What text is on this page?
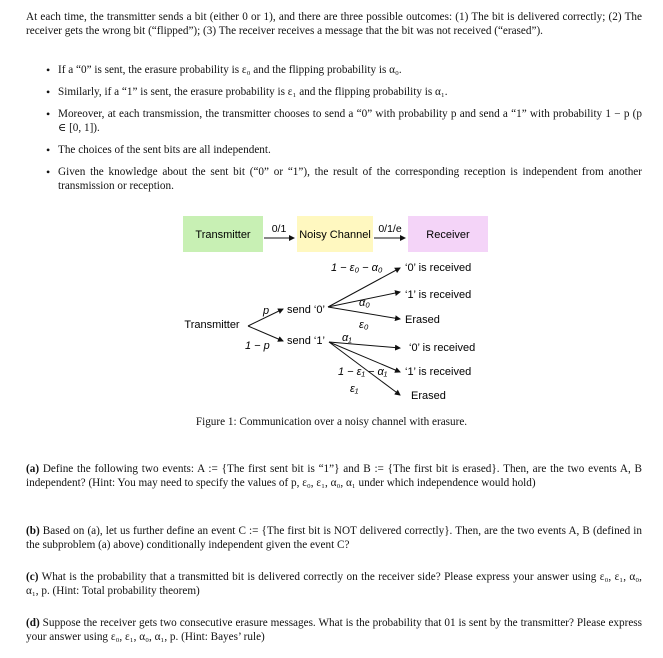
At each time, the transmitter sends a bit (either 0 or 1), and there are three possible outcomes: (1) The bit is delivered correctly; (2) The receiver gets the wrong bit (“flipped”); (3) The receiver receives a message that the bit was not received (“erased”).
• If a “0” is sent, the erasure probability is ε₀ and the flipping probability is α₀.
• Similarly, if a “1” is sent, the erasure probability is ε₁ and the flipping probability is α₁.
• Moreover, at each transmission, the transmitter chooses to send a “0” with probability p and send a “1” with probability 1 − p (p ∈ [0, 1]).
• The choices of the sent bits are all independent.
• Given the knowledge about the sent bit (“0” or “1”), the result of the corresponding reception is independent from another transmission or reception.
Transmitter	Noisy Channel	Receiver
0/1	0/1/e
Transmitter
p
1 − p
send ‘0’
send ‘1’
1 − ε₀ − α₀
α₀
ε₀
‘0’ is received
‘1’ is received
Erased
α₁
1 − ε₁ − α₁
ε₁
‘0’ is received
‘1’ is received
Erased
Figure 1: Communication over a noisy channel with erasure.
(a) Define the following two events: A := {The first sent bit is “1”} and B := {The first bit is erased}. Then, are the two events A, B independent? (Hint: You may need to specify the values of p, ε₀, ε₁, α₀, α₁ under which independence would hold)
(b) Based on (a), let us further define an event C := {The first bit is NOT delivered correctly}. Then, are the two events A, B (defined in the subproblem (a) above) conditionally independent given the event C?
(c) What is the probability that a transmitted bit is delivered correctly on the receiver side? Please express your answer using ε₀, ε₁, α₀, α₁, p. (Hint: Total probability theorem)
(d) Suppose the receiver gets two consecutive erasure messages. What is the probability that 01 is sent by the transmitter? Please express your answer using ε₀, ε₁, α₀, α₁, p. (Hint: Bayes’ rule)
